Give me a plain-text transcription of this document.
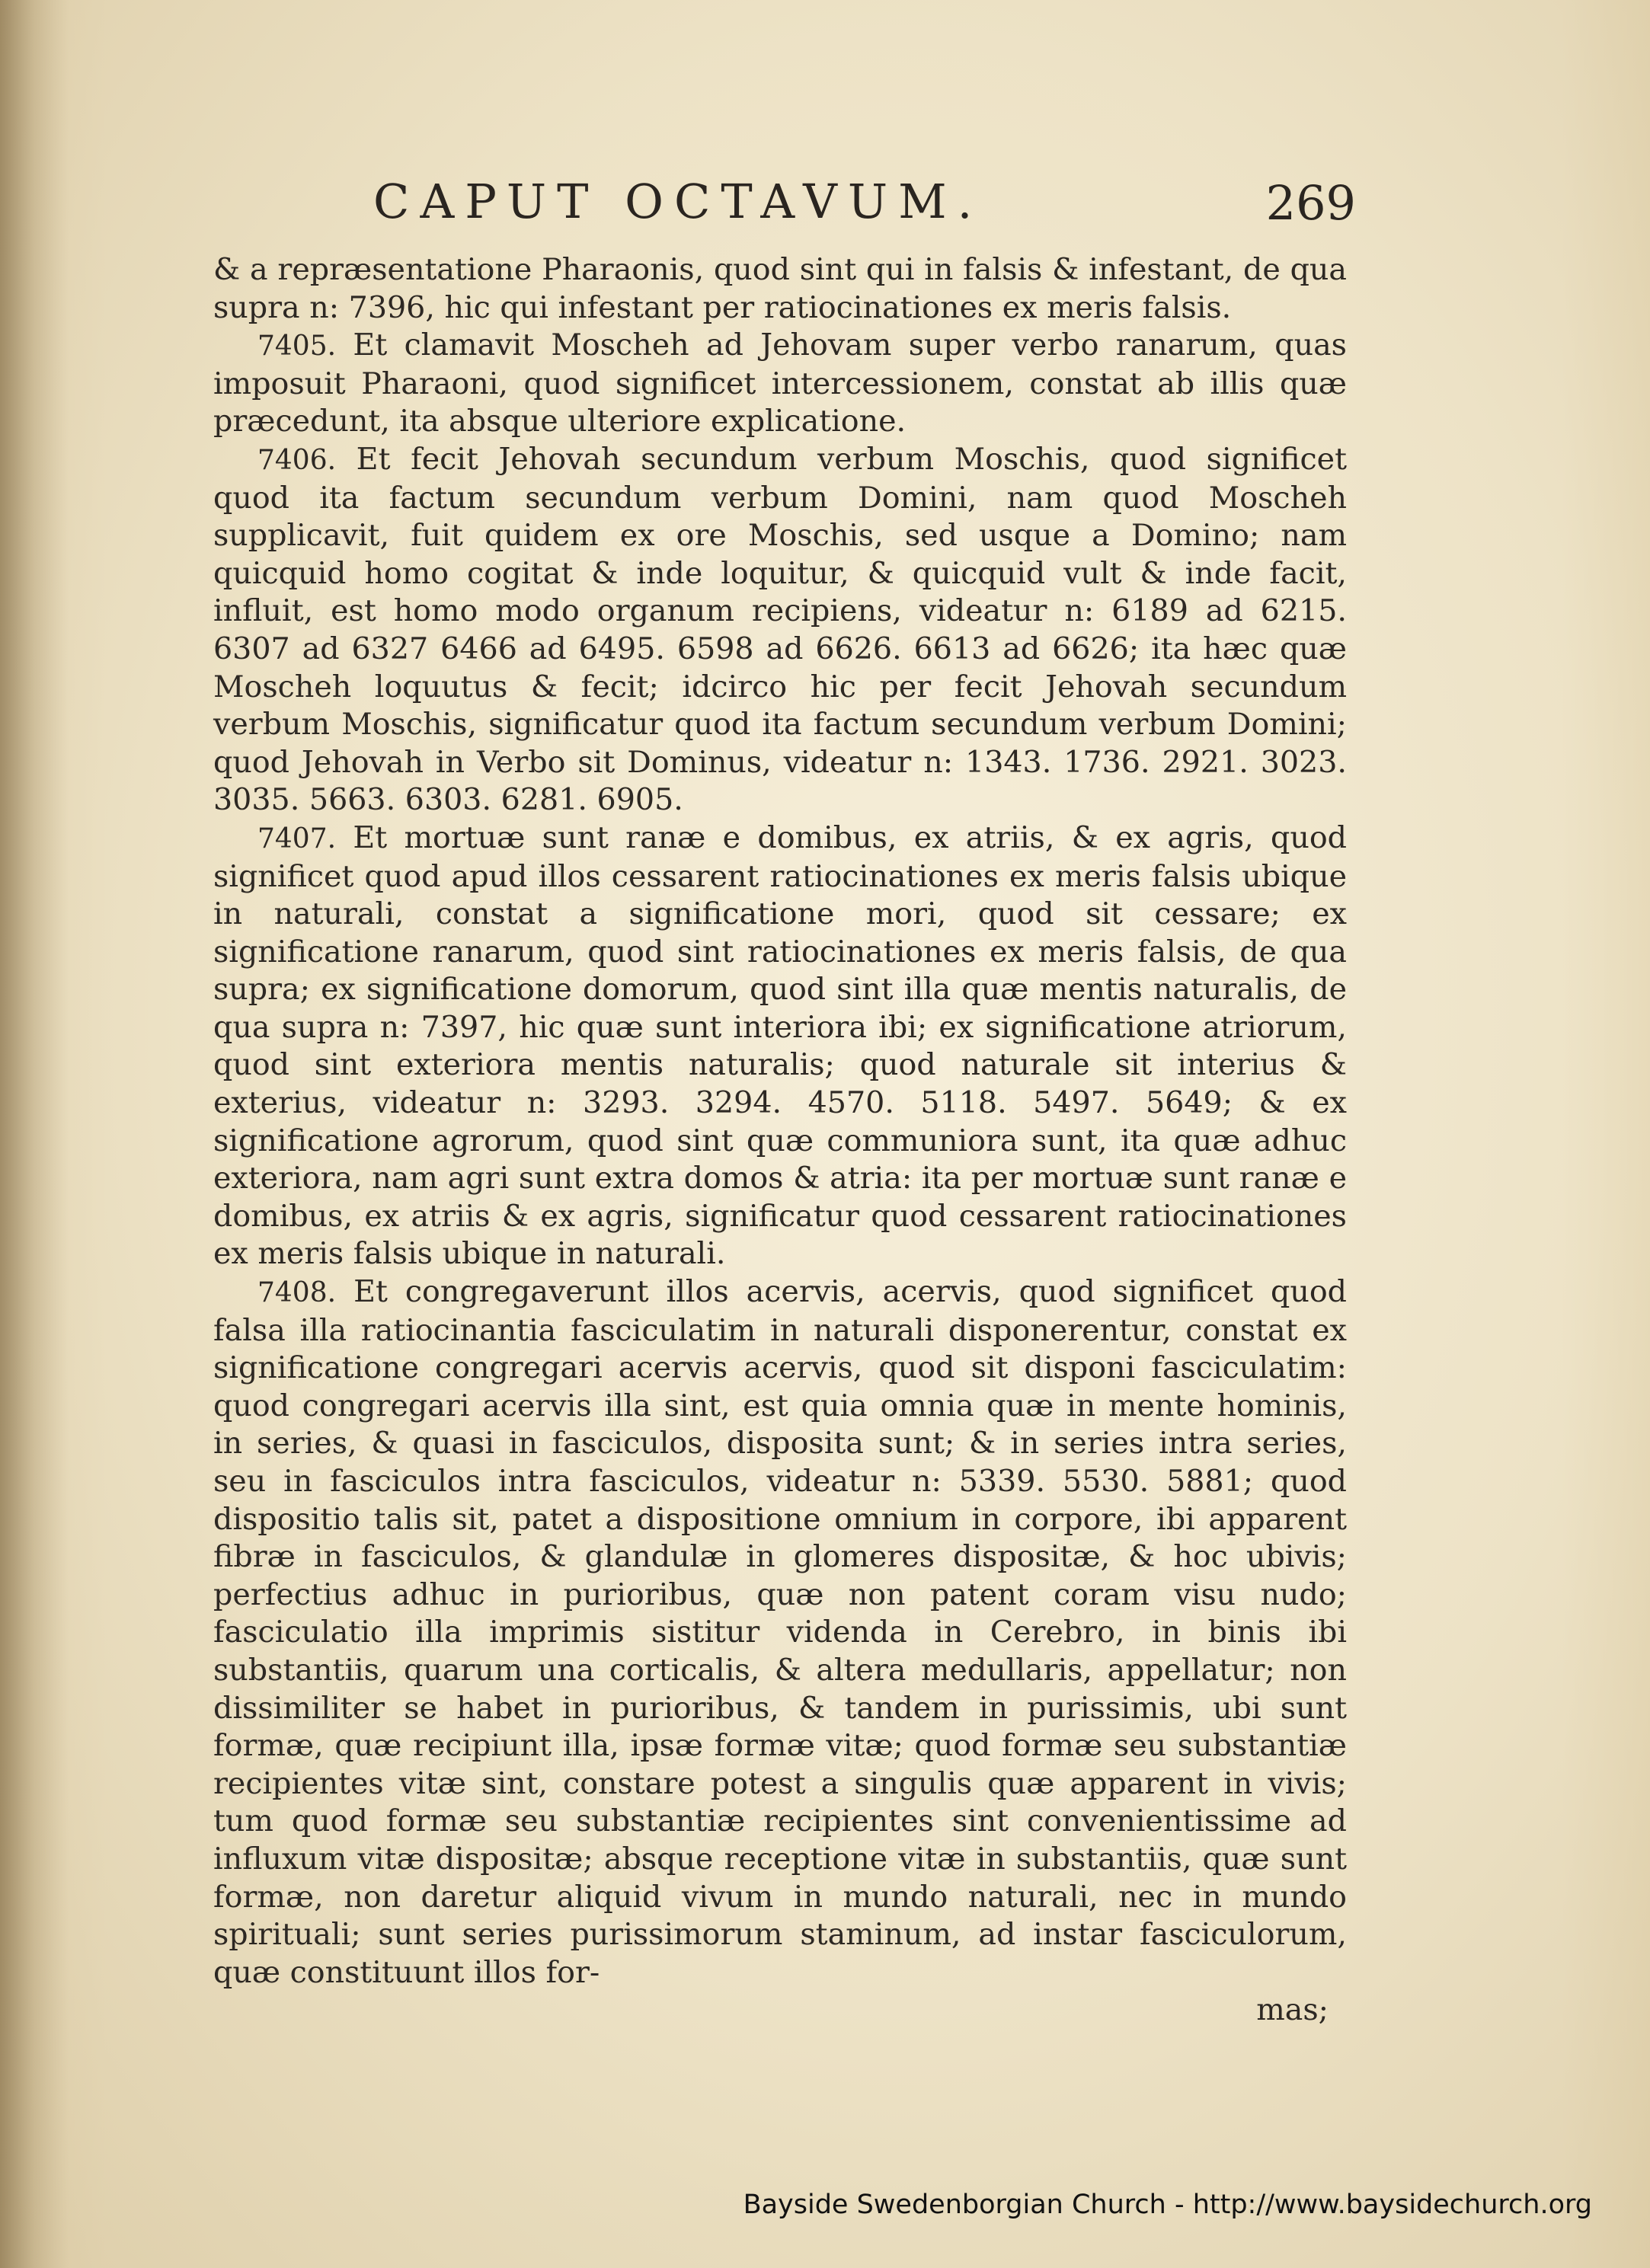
CAPUT OCTAVUM.	269

& a repræsentatione Pharaonis, quod sint qui in falsis & infestant, de qua supra n: 7396, hic qui infestant per ratiocinationes ex meris falsis.

7405. Et clamavit Moscheh ad Jehovam super verbo ranarum, quas imposuit Pharaoni, quod significet intercessionem, constat ab illis quæ præcedunt, ita absque ulteriore explicatione.

7406. Et fecit Jehovah secundum verbum Moschis, quod significet quod ita factum secundum verbum Domini, nam quod Moscheh supplicavit, fuit quidem ex ore Moschis, sed usque a Domino; nam quicquid homo cogitat & inde loquitur, & quicquid vult & inde facit, influit, est homo modo organum recipiens, videatur n: 6189 ad 6215. 6307 ad 6327 6466 ad 6495. 6598 ad 6626. 6613 ad 6626; ita hæc quæ Moscheh loquutus & fecit; idcirco hic per fecit Jehovah secundum verbum Moschis, significatur quod ita factum secundum verbum Domini; quod Jehovah in Verbo sit Dominus, videatur n: 1343. 1736. 2921. 3023. 3035. 5663. 6303. 6281. 6905.

7407. Et mortuæ sunt ranæ e domibus, ex atriis, & ex agris, quod significet quod apud illos cessarent ratiocinationes ex meris falsis ubique in naturali, constat a significatione mori, quod sit cessare; ex significatione ranarum, quod sint ratiocinationes ex meris falsis, de qua supra; ex significatione domorum, quod sint illa quæ mentis naturalis, de qua supra n: 7397, hic quæ sunt interiora ibi; ex significatione atriorum, quod sint exteriora mentis naturalis; quod naturale sit interius & exterius, videatur n: 3293. 3294. 4570. 5118. 5497. 5649; & ex significatione agrorum, quod sint quæ communiora sunt, ita quæ adhuc exteriora, nam agri sunt extra domos & atria: ita per mortuæ sunt ranæ e domibus, ex atriis & ex agris, significatur quod cessarent ratiocinationes ex meris falsis ubique in naturali.

7408. Et congregaverunt illos acervis, acervis, quod significet quod falsa illa ratiocinantia fasciculatim in naturali disponerentur, constat ex significatione congregari acervis acervis, quod sit disponi fasciculatim: quod congregari acervis illa sint, est quia omnia quæ in mente hominis, in series, & quasi in fasciculos, disposita sunt; & in series intra series, seu in fasciculos intra fasciculos, videatur n: 5339. 5530. 5881; quod dispositio talis sit, patet a dispositione omnium in corpore, ibi apparent fibræ in fasciculos, & glandulæ in glomeres dispositæ, & hoc ubivis; perfectius adhuc in purioribus, quæ non patent coram visu nudo; fasciculatio illa imprimis sistitur videnda in Cerebro, in binis ibi substantiis, quarum una corticalis, & altera medullaris, appellatur; non dissimiliter se habet in purioribus, & tandem in purissimis, ubi sunt formæ, quæ recipiunt illa, ipsæ formæ vitæ; quod formæ seu substantiæ recipientes vitæ sint, constare potest a singulis quæ apparent in vivis; tum quod formæ seu substantiæ recipientes sint convenientissime ad influxum vitæ dispositæ; absque receptione vitæ in substantiis, quæ sunt formæ, non daretur aliquid vivum in mundo naturali, nec in mundo spirituali; sunt series purissimorum staminum, ad instar fasciculorum, quæ constituunt illos for-

mas;

Bayside Swedenborgian Church - http://www.baysidechurch.org
